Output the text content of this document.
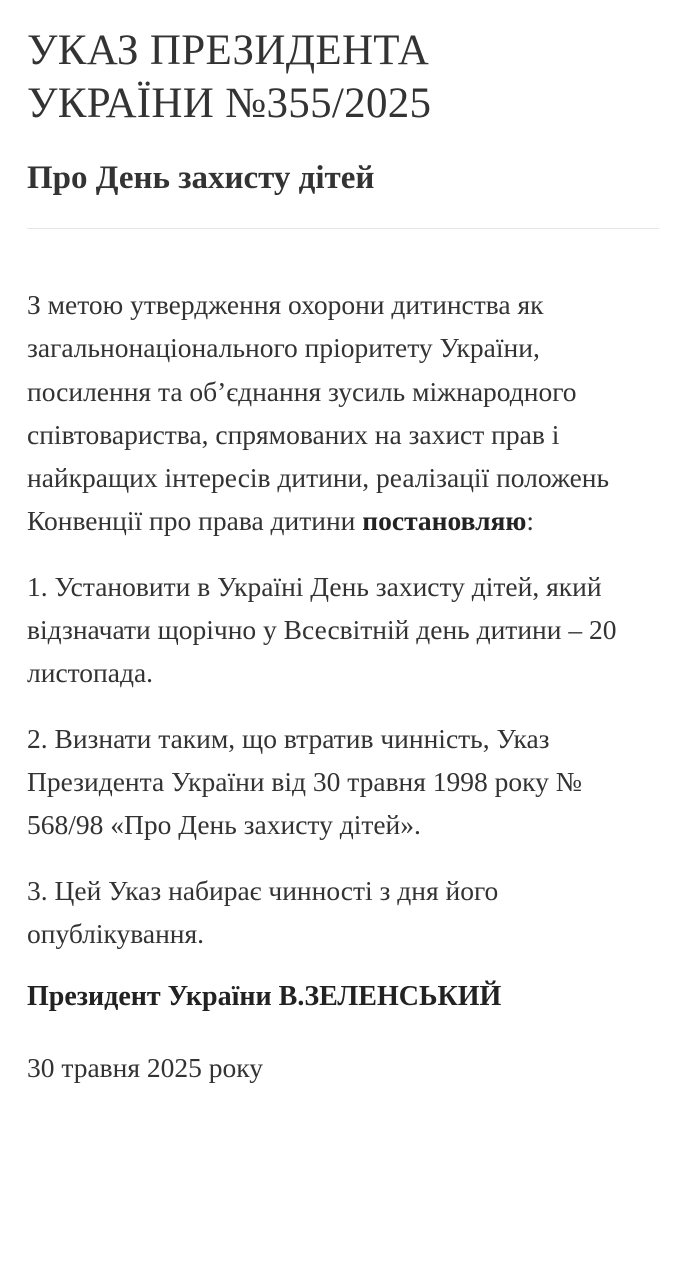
УКАЗ ПРЕЗИДЕНТА
УКРАЇНИ №355/2025
Про День захисту дітей

З метою утвердження охорони дитинства як загальнонаціонального пріоритету України, посилення та об’єднання зусиль міжнародного співтовариства, спрямованих на захист прав і найкращих інтересів дитини, реалізації положень Конвенції про права дитини постановляю:

1. Установити в Україні День захисту дітей, який відзначати щорічно у Всесвітній день дитини – 20 листопада.

2. Визнати таким, що втратив чинність, Указ Президента України від 30 травня 1998 року № 568/98 «Про День захисту дітей».

3. Цей Указ набирає чинності з дня його опублікування.

Президент України В.ЗЕЛЕНСЬКИЙ

30 травня 2025 року
